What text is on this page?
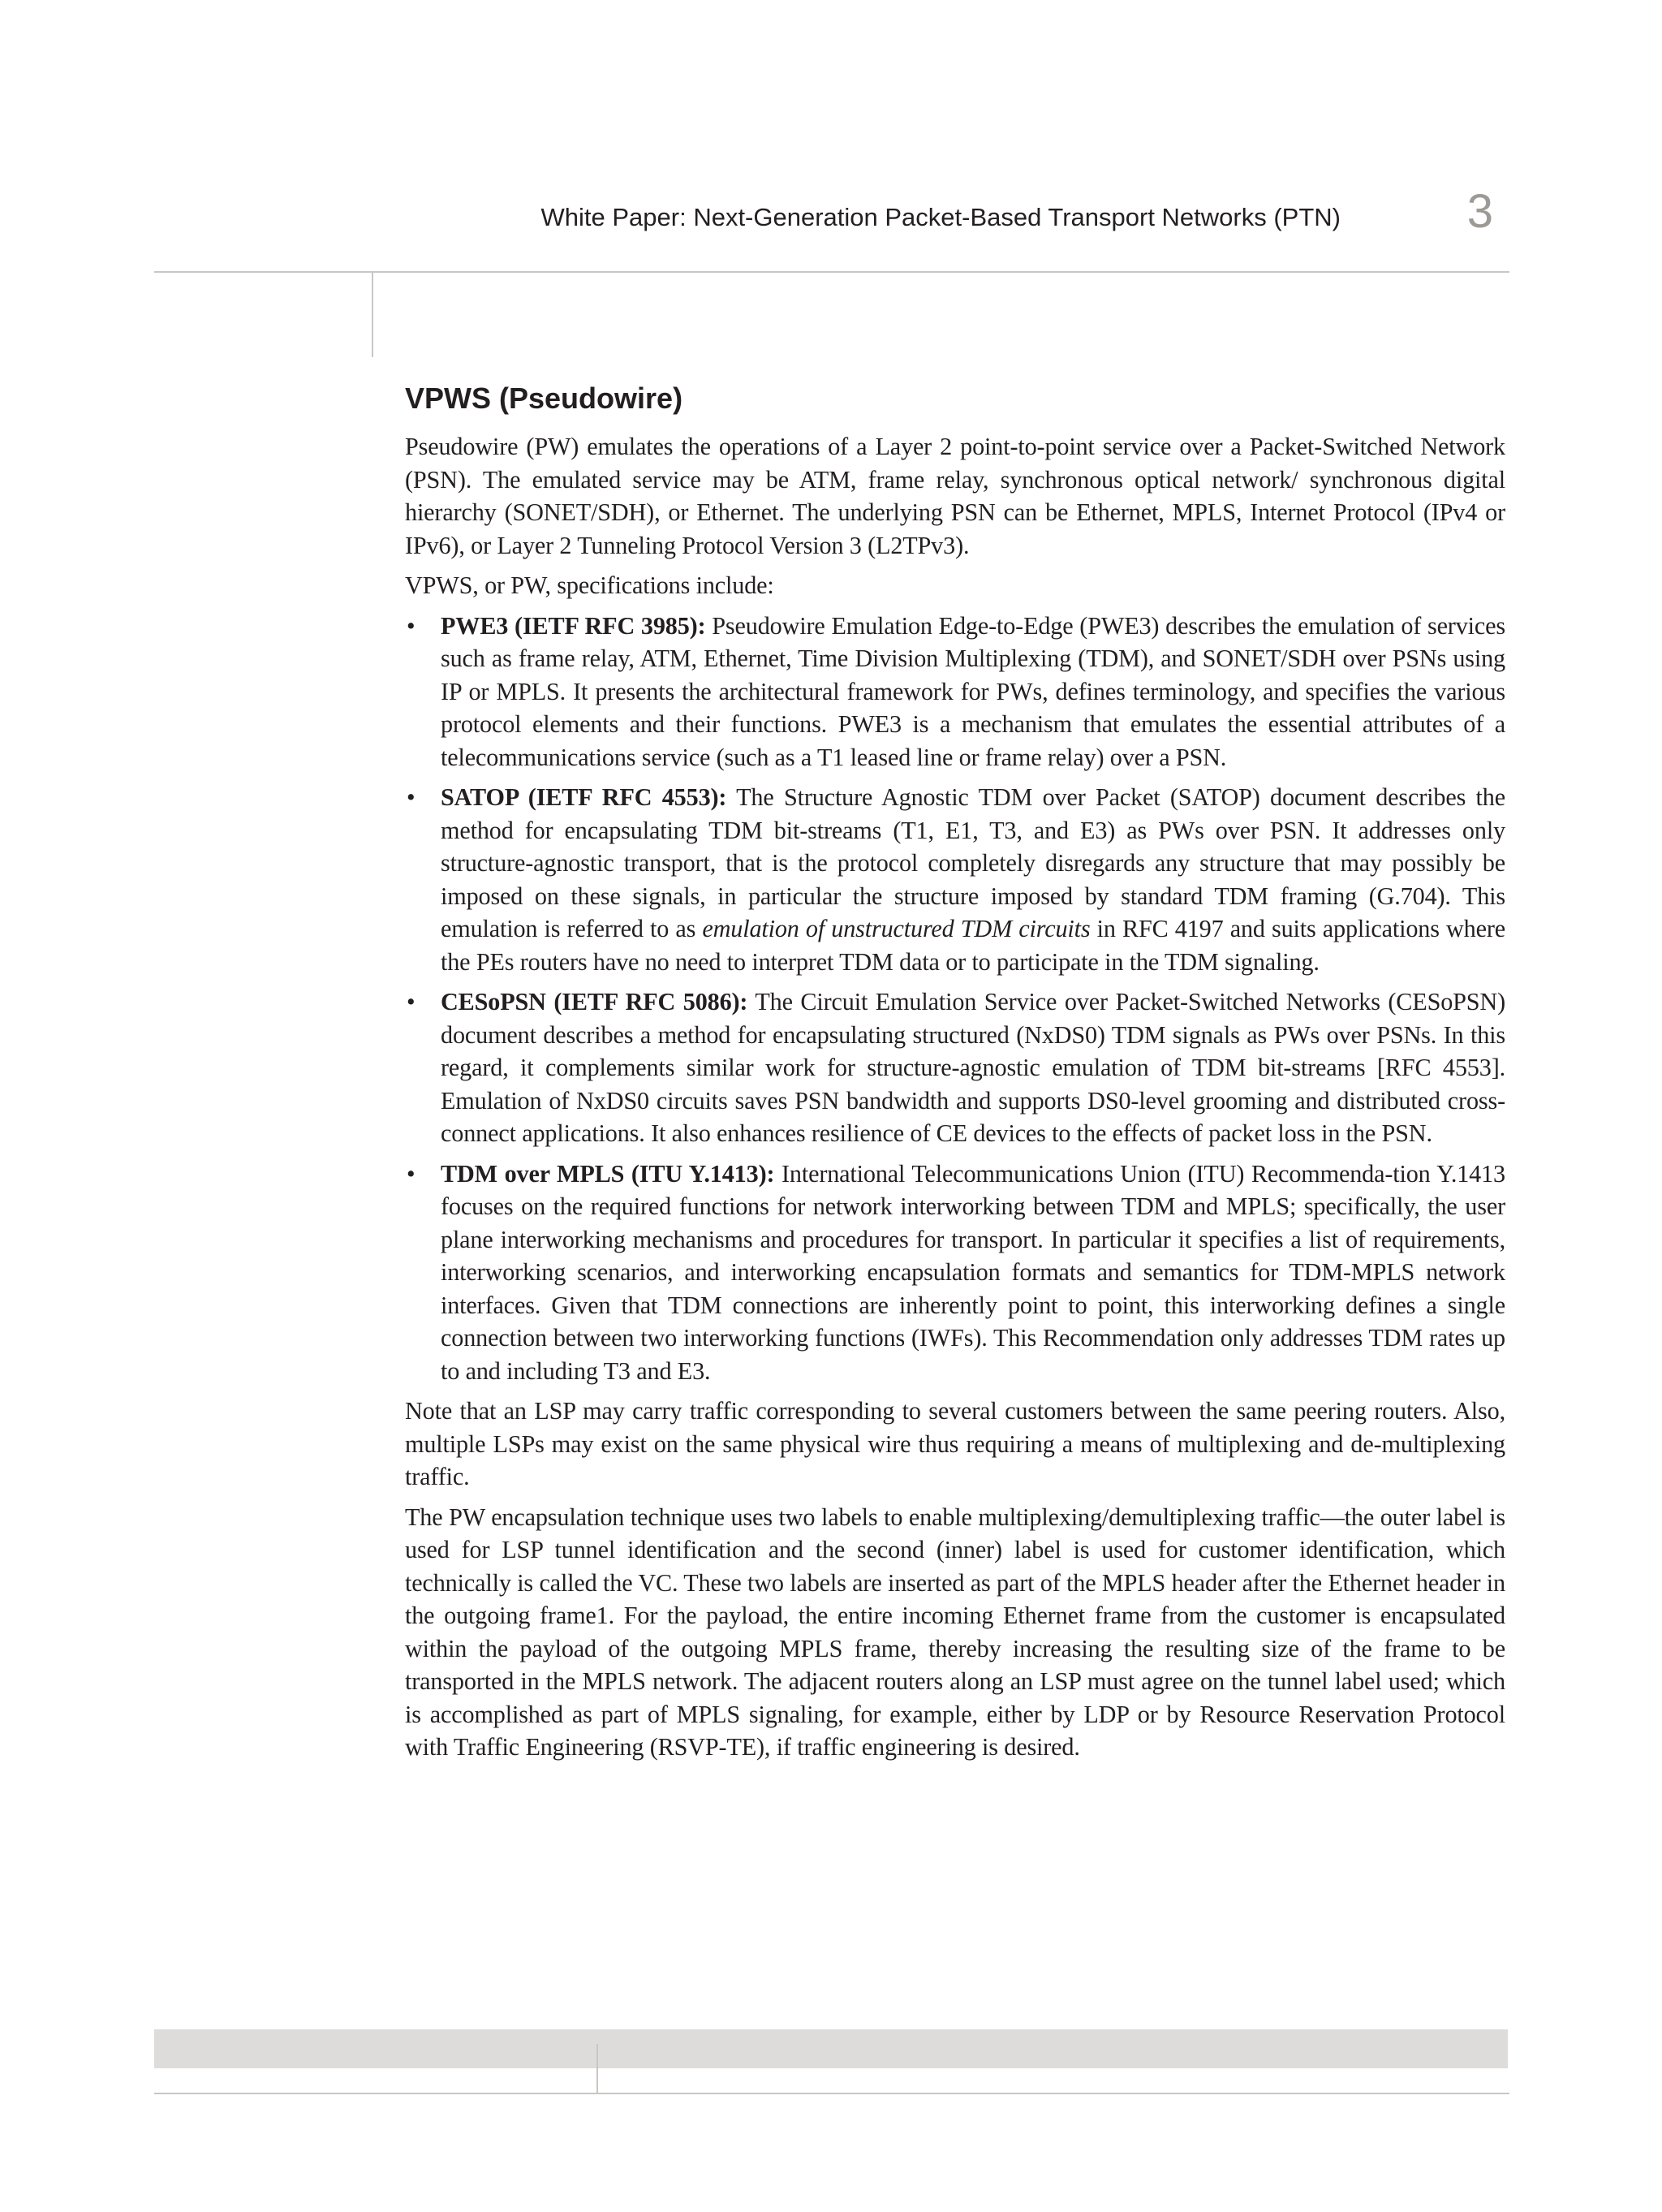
White Paper: Next-Generation Packet-Based Transport Networks (PTN)	3
VPWS (Pseudowire)

Pseudowire (PW) emulates the operations of a Layer 2 point-to-point service over a Packet-Switched Network (PSN). The emulated service may be ATM, frame relay, synchronous optical network/ synchronous digital hierarchy (SONET/SDH), or Ethernet. The underlying PSN can be Ethernet, MPLS, Internet Protocol (IPv4 or IPv6), or Layer 2 Tunneling Protocol Version 3 (L2TPv3).

VPWS, or PW, specifications include:

• PWE3 (IETF RFC 3985): Pseudowire Emulation Edge-to-Edge (PWE3) describes the emulation of services such as frame relay, ATM, Ethernet, Time Division Multiplexing (TDM), and SONET/SDH over PSNs using IP or MPLS. It presents the architectural framework for PWs, defines terminology, and specifies the various protocol elements and their functions. PWE3 is a mechanism that emulates the essential attributes of a telecommunications service (such as a T1 leased line or frame relay) over a PSN.
• SATOP (IETF RFC 4553): The Structure Agnostic TDM over Packet (SATOP) document describes the method for encapsulating TDM bit-streams (T1, E1, T3, and E3) as PWs over PSN. It addresses only structure-agnostic transport, that is the protocol completely disregards any structure that may possibly be imposed on these signals, in particular the structure imposed by standard TDM framing (G.704). This emulation is referred to as emulation of unstructured TDM circuits in RFC 4197 and suits applications where the PEs routers have no need to interpret TDM data or to participate in the TDM signaling.
• CESoPSN (IETF RFC 5086): The Circuit Emulation Service over Packet-Switched Networks (CESoPSN) document describes a method for encapsulating structured (NxDS0) TDM signals as PWs over PSNs. In this regard, it complements similar work for structure-agnostic emulation of TDM bit-streams [RFC 4553]. Emulation of NxDS0 circuits saves PSN bandwidth and supports DS0-level grooming and distributed cross-connect applications. It also enhances resilience of CE devices to the effects of packet loss in the PSN.
• TDM over MPLS (ITU Y.1413): International Telecommunications Union (ITU) Recommenda-tion Y.1413 focuses on the required functions for network interworking between TDM and MPLS; specifically, the user plane interworking mechanisms and procedures for transport. In particular it specifies a list of requirements, interworking scenarios, and interworking encapsulation formats and semantics for TDM-MPLS network interfaces. Given that TDM connections are inherently point to point, this interworking defines a single connection between two interworking functions (IWFs). This Recommendation only addresses TDM rates up to and including T3 and E3.

Note that an LSP may carry traffic corresponding to several customers between the same peering routers. Also, multiple LSPs may exist on the same physical wire thus requiring a means of multiplexing and de-multiplexing traffic.

The PW encapsulation technique uses two labels to enable multiplexing/demultiplexing traffic—the outer label is used for LSP tunnel identification and the second (inner) label is used for customer identification, which technically is called the VC. These two labels are inserted as part of the MPLS header after the Ethernet header in the outgoing frame1. For the payload, the entire incoming Ethernet frame from the customer is encapsulated within the payload of the outgoing MPLS frame, thereby increasing the resulting size of the frame to be transported in the MPLS network. The adjacent routers along an LSP must agree on the tunnel label used; which is accomplished as part of MPLS signaling, for example, either by LDP or by Resource Reservation Protocol with Traffic Engineering (RSVP-TE), if traffic engineering is desired.
